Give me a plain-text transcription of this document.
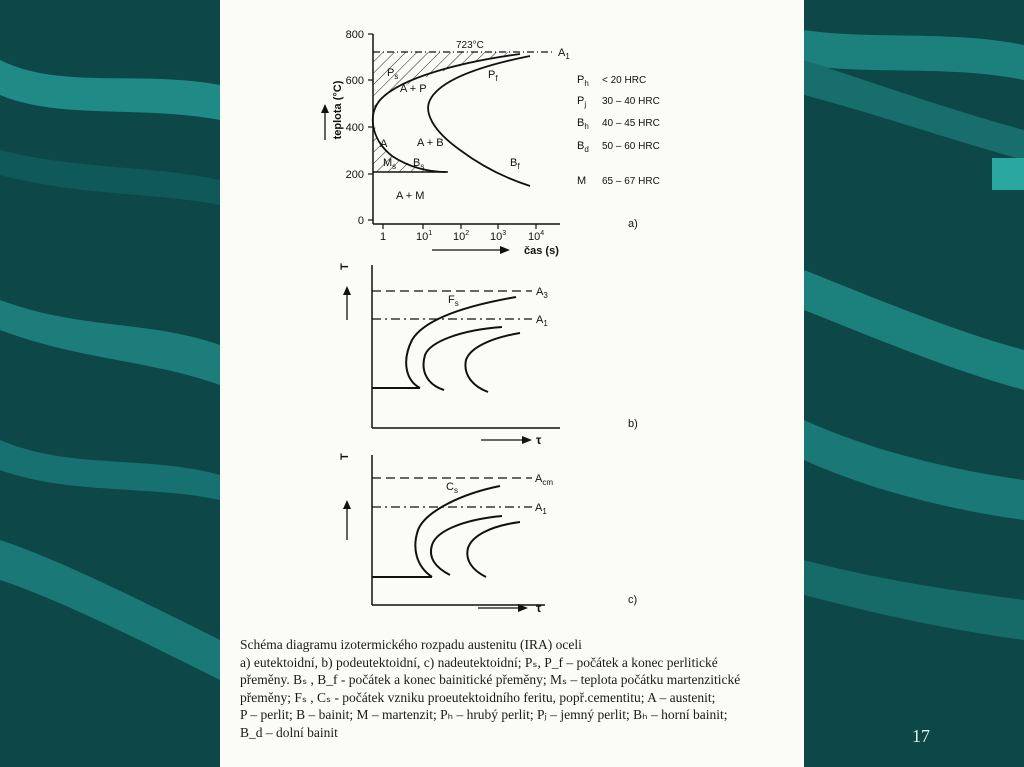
800
600
400
200
0
1	$10^1$ $10^2$ $10^3$ $10^4$
teplota (°C)
čas (s)
723°C
$A_1$
$P_s$	$P_f$
A + P
A	A + B
$M_s$ $B_s$	$B_f$
A + M
$P_h < 20$ HRC
$P_j$ 30 – 40 HRC
$B_h$ 40 – 45 HRC
$B_d$ 50 – 60 HRC
M 65 – 67 HRC
a)
T
τ
$A_3$
$A_1$
$F_s$
b)
T
τ
$A_{cm}$
$A_1$
$C_s$
c)
Schéma diagramu izotermického rozpadu austenitu (IRA) oceli
a) eutektoidní, b) podeutektoidní, c) nadeutektoidní; Pₛ, P_f – počátek a konec perlitické
přeměny. Bₛ , B_f - počátek a konec bainitické přeměny; Mₛ – teplota počátku martenzitické
přeměny; Fₛ , Cₛ - počátek vzniku proeutektoidního feritu, popř.cementitu; A – austenit;
P – perlit; B – bainit; M – martenzit; Pₕ – hrubý perlit; Pⱼ – jemný perlit; Bₕ – horní bainit;
B_d – dolní bainit	17
